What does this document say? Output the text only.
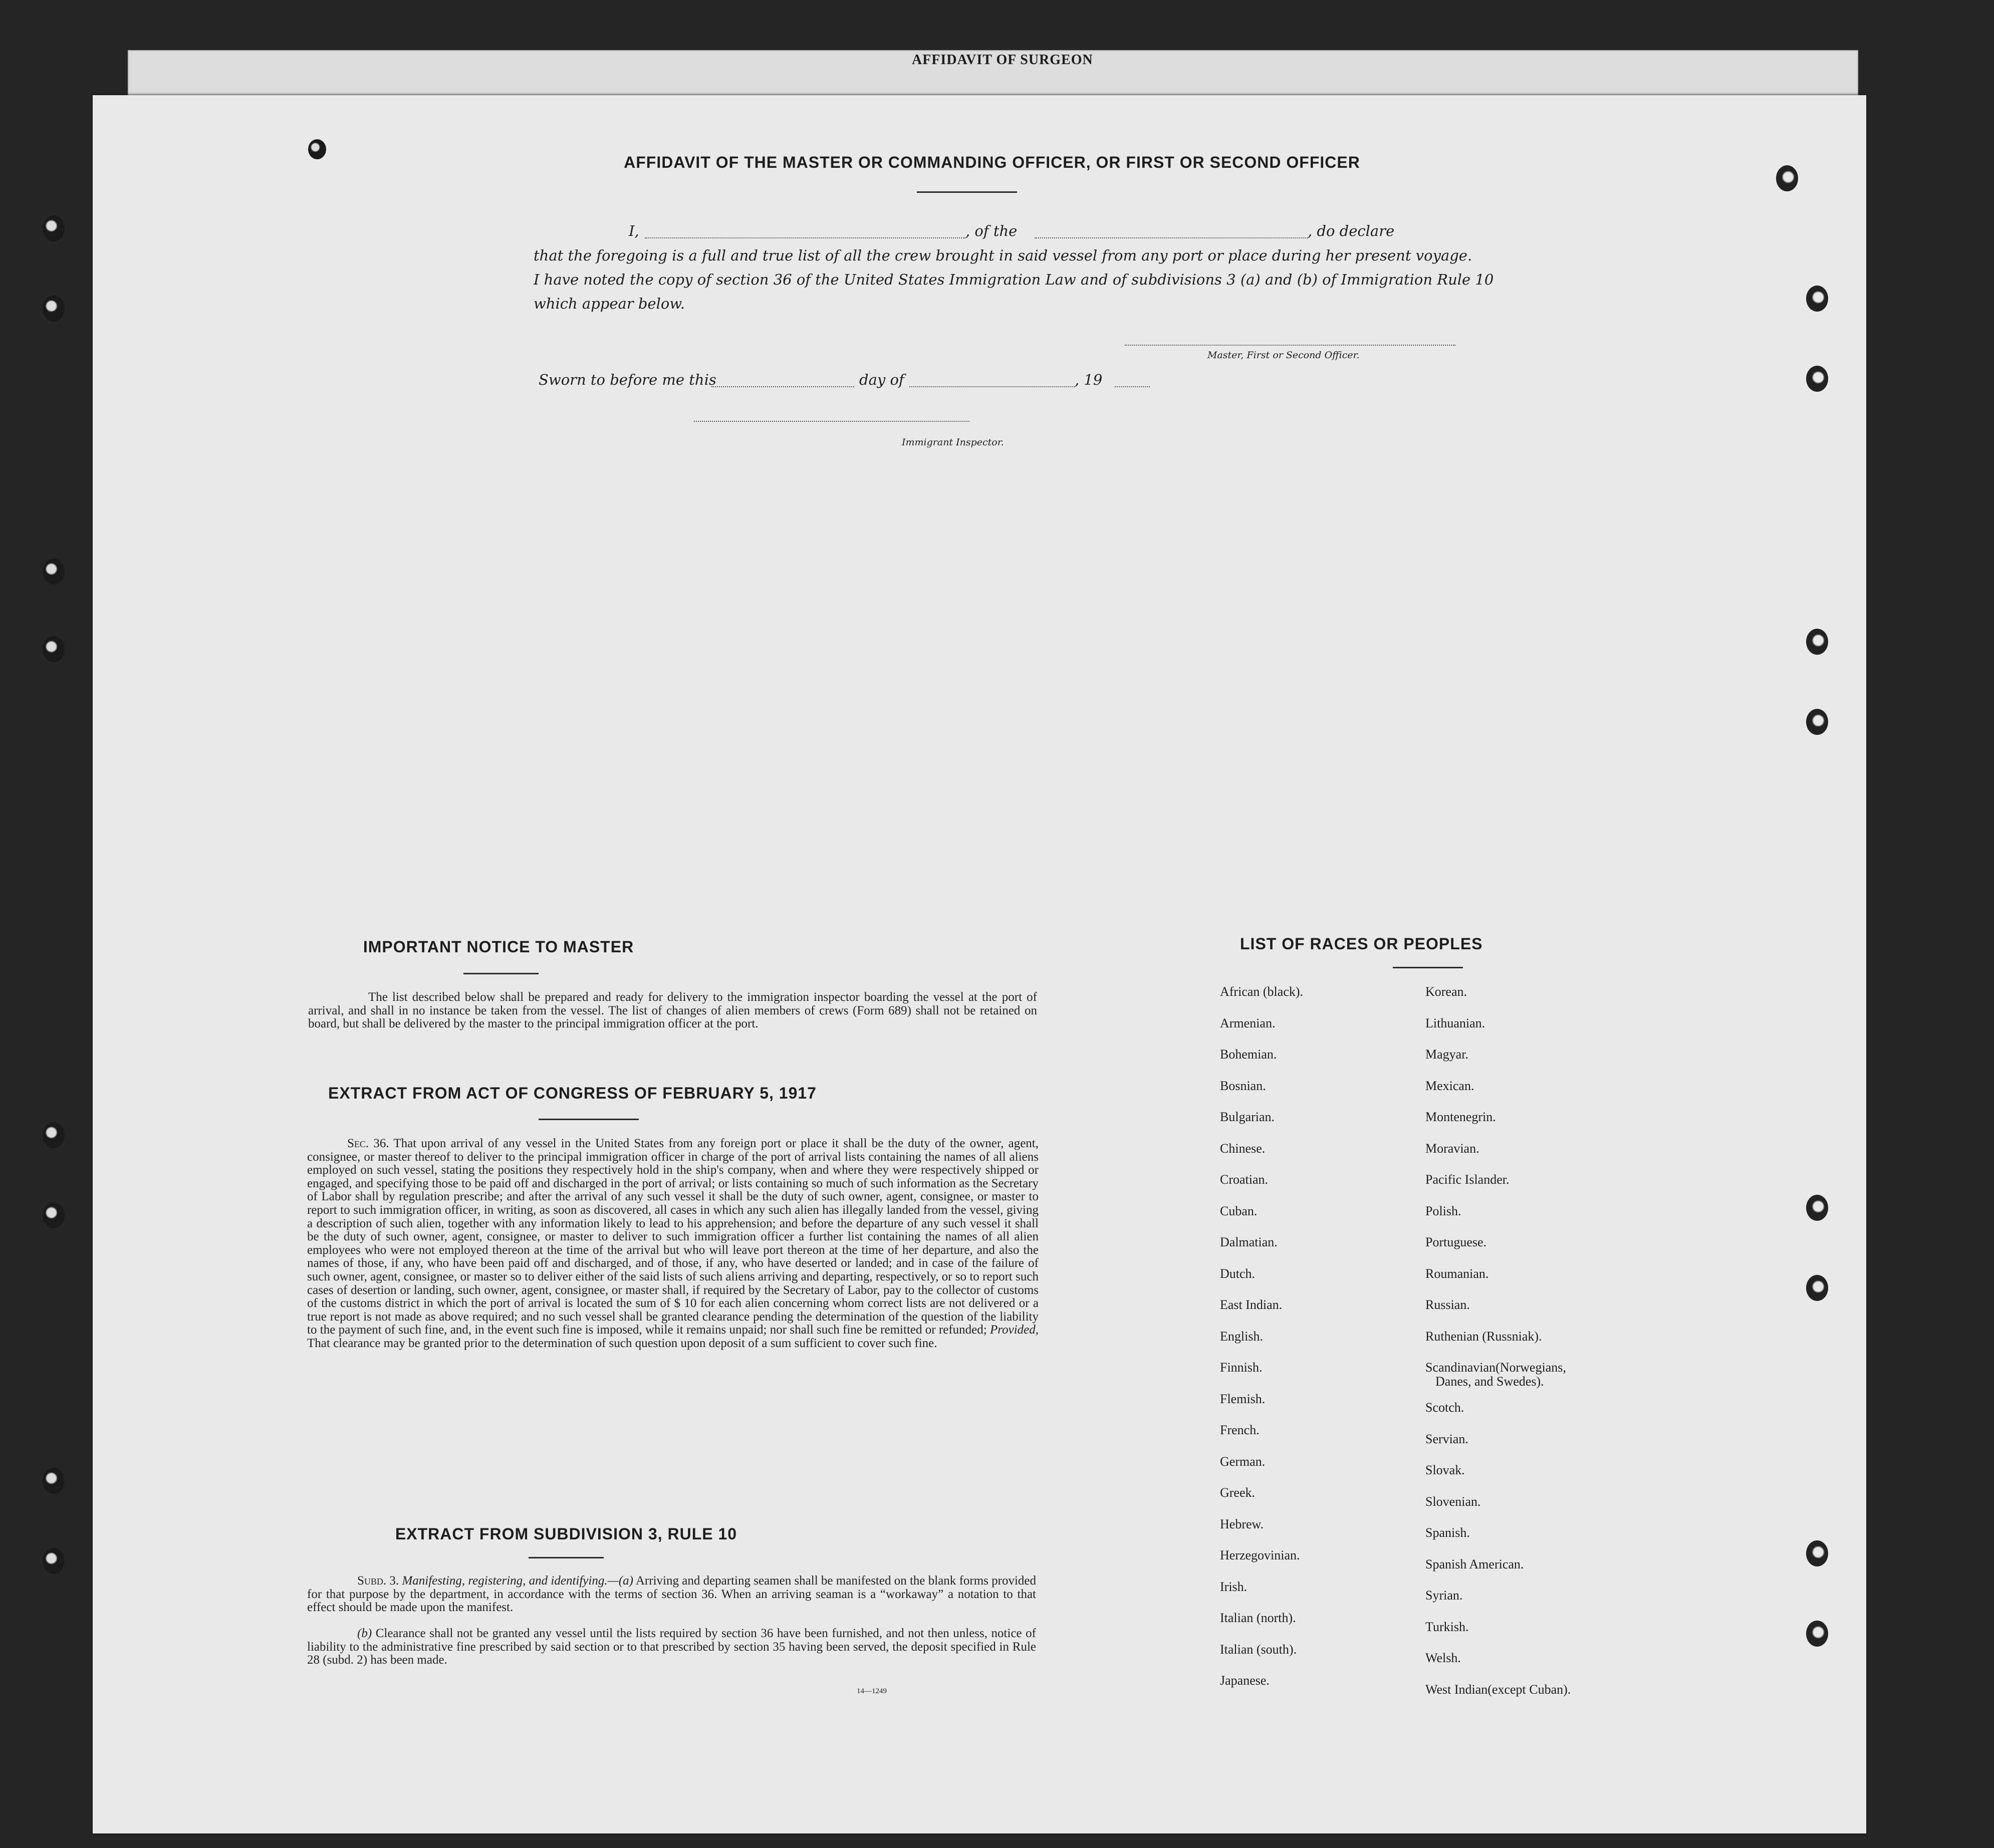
AFFIDAVIT OF SURGEON
AFFIDAVIT OF THE MASTER OR COMMANDING OFFICER, OR FIRST OR SECOND OFFICER
I,	, of the	, do declare
that the foregoing is a full and true list of all the crew brought in said vessel from any port or place during her present voyage.
I have noted the copy of section 36 of the United States Immigration Law and of subdivisions 3 (a) and (b) of Immigration Rule 10
which appear below.
Master, First or Second Officer.
Sworn to before me this	day of	, 19
Immigrant Inspector.
IMPORTANT NOTICE TO MASTER
The list described below shall be prepared and ready for delivery to the immigration inspector boarding the vessel at the port of arrival, and shall in no instance be taken from the vessel. The list of changes of alien members of crews (Form 689) shall not be retained on board, but shall be delivered by the master to the principal immigration officer at the port.
EXTRACT FROM ACT OF CONGRESS OF FEBRUARY 5, 1917
Sec. 36. That upon arrival of any vessel in the United States from any foreign port or place it shall be the duty of the owner, agent, consignee, or master thereof to deliver to the principal immigration officer in charge of the port of arrival lists containing the names of all aliens employed on such vessel, stating the positions they respectively hold in the ship's company, when and where they were respectively shipped or engaged, and specifying those to be paid off and discharged in the port of arrival; or lists containing so much of such information as the Secretary of Labor shall by regulation prescribe; and after the arrival of any such vessel it shall be the duty of such owner, agent, consignee, or master to report to such immigration officer, in writing, as soon as discovered, all cases in which any such alien has illegally landed from the vessel, giving a description of such alien, together with any information likely to lead to his apprehension; and before the departure of any such vessel it shall be the duty of such owner, agent, consignee, or master to deliver to such immigration officer a further list containing the names of all alien employees who were not employed thereon at the time of the arrival but who will leave port thereon at the time of her departure, and also the names of those, if any, who have been paid off and discharged, and of those, if any, who have deserted or landed; and in case of the failure of such owner, agent, consignee, or master so to deliver either of the said lists of such aliens arriving and departing, respectively, or so to report such cases of desertion or landing, such owner, agent, consignee, or master shall, if required by the Secretary of Labor, pay to the collector of customs of the customs district in which the port of arrival is located the sum of $ 10 for each alien concerning whom correct lists are not delivered or a true report is not made as above required; and no such vessel shall be granted clearance pending the determination of the question of the liability to the payment of such fine, and, in the event such fine is imposed, while it remains unpaid; nor shall such fine be remitted or refunded; Provided, That clearance may be granted prior to the determination of such question upon deposit of a sum sufficient to cover such fine.
EXTRACT FROM SUBDIVISION 3, RULE 10
Subd. 3. Manifesting, registering, and identifying.—(a) Arriving and departing seamen shall be manifested on the blank forms provided for that purpose by the department, in accordance with the terms of section 36. When an arriving seaman is a “workaway” a notation to that effect should be made upon the manifest.
(b) Clearance shall not be granted any vessel until the lists required by section 36 have been furnished, and not then unless, notice of liability to the administrative fine prescribed by said section or to that prescribed by section 35 having been served, the deposit specified in Rule 28 (subd. 2) has been made.
14—1249
LIST OF RACES OR PEOPLES
African (black).
Armenian.
Bohemian.
Bosnian.
Bulgarian.
Chinese.
Croatian.
Cuban.
Dalmatian.
Dutch.
East Indian.
English.
Finnish.
Flemish.
French.
German.
Greek.
Hebrew.
Herzegovinian.
Irish.
Italian (north).
Italian (south).
Japanese.
Korean.
Lithuanian.
Magyar.
Mexican.
Montenegrin.
Moravian.
Pacific Islander.
Polish.
Portuguese.
Roumanian.
Russian.
Ruthenian (Russniak).
Scandinavian(Norwegians,
Danes, and Swedes).
Scotch.
Servian.
Slovak.
Slovenian.
Spanish.
Spanish American.
Syrian.
Turkish.
Welsh.
West Indian(except Cuban).
